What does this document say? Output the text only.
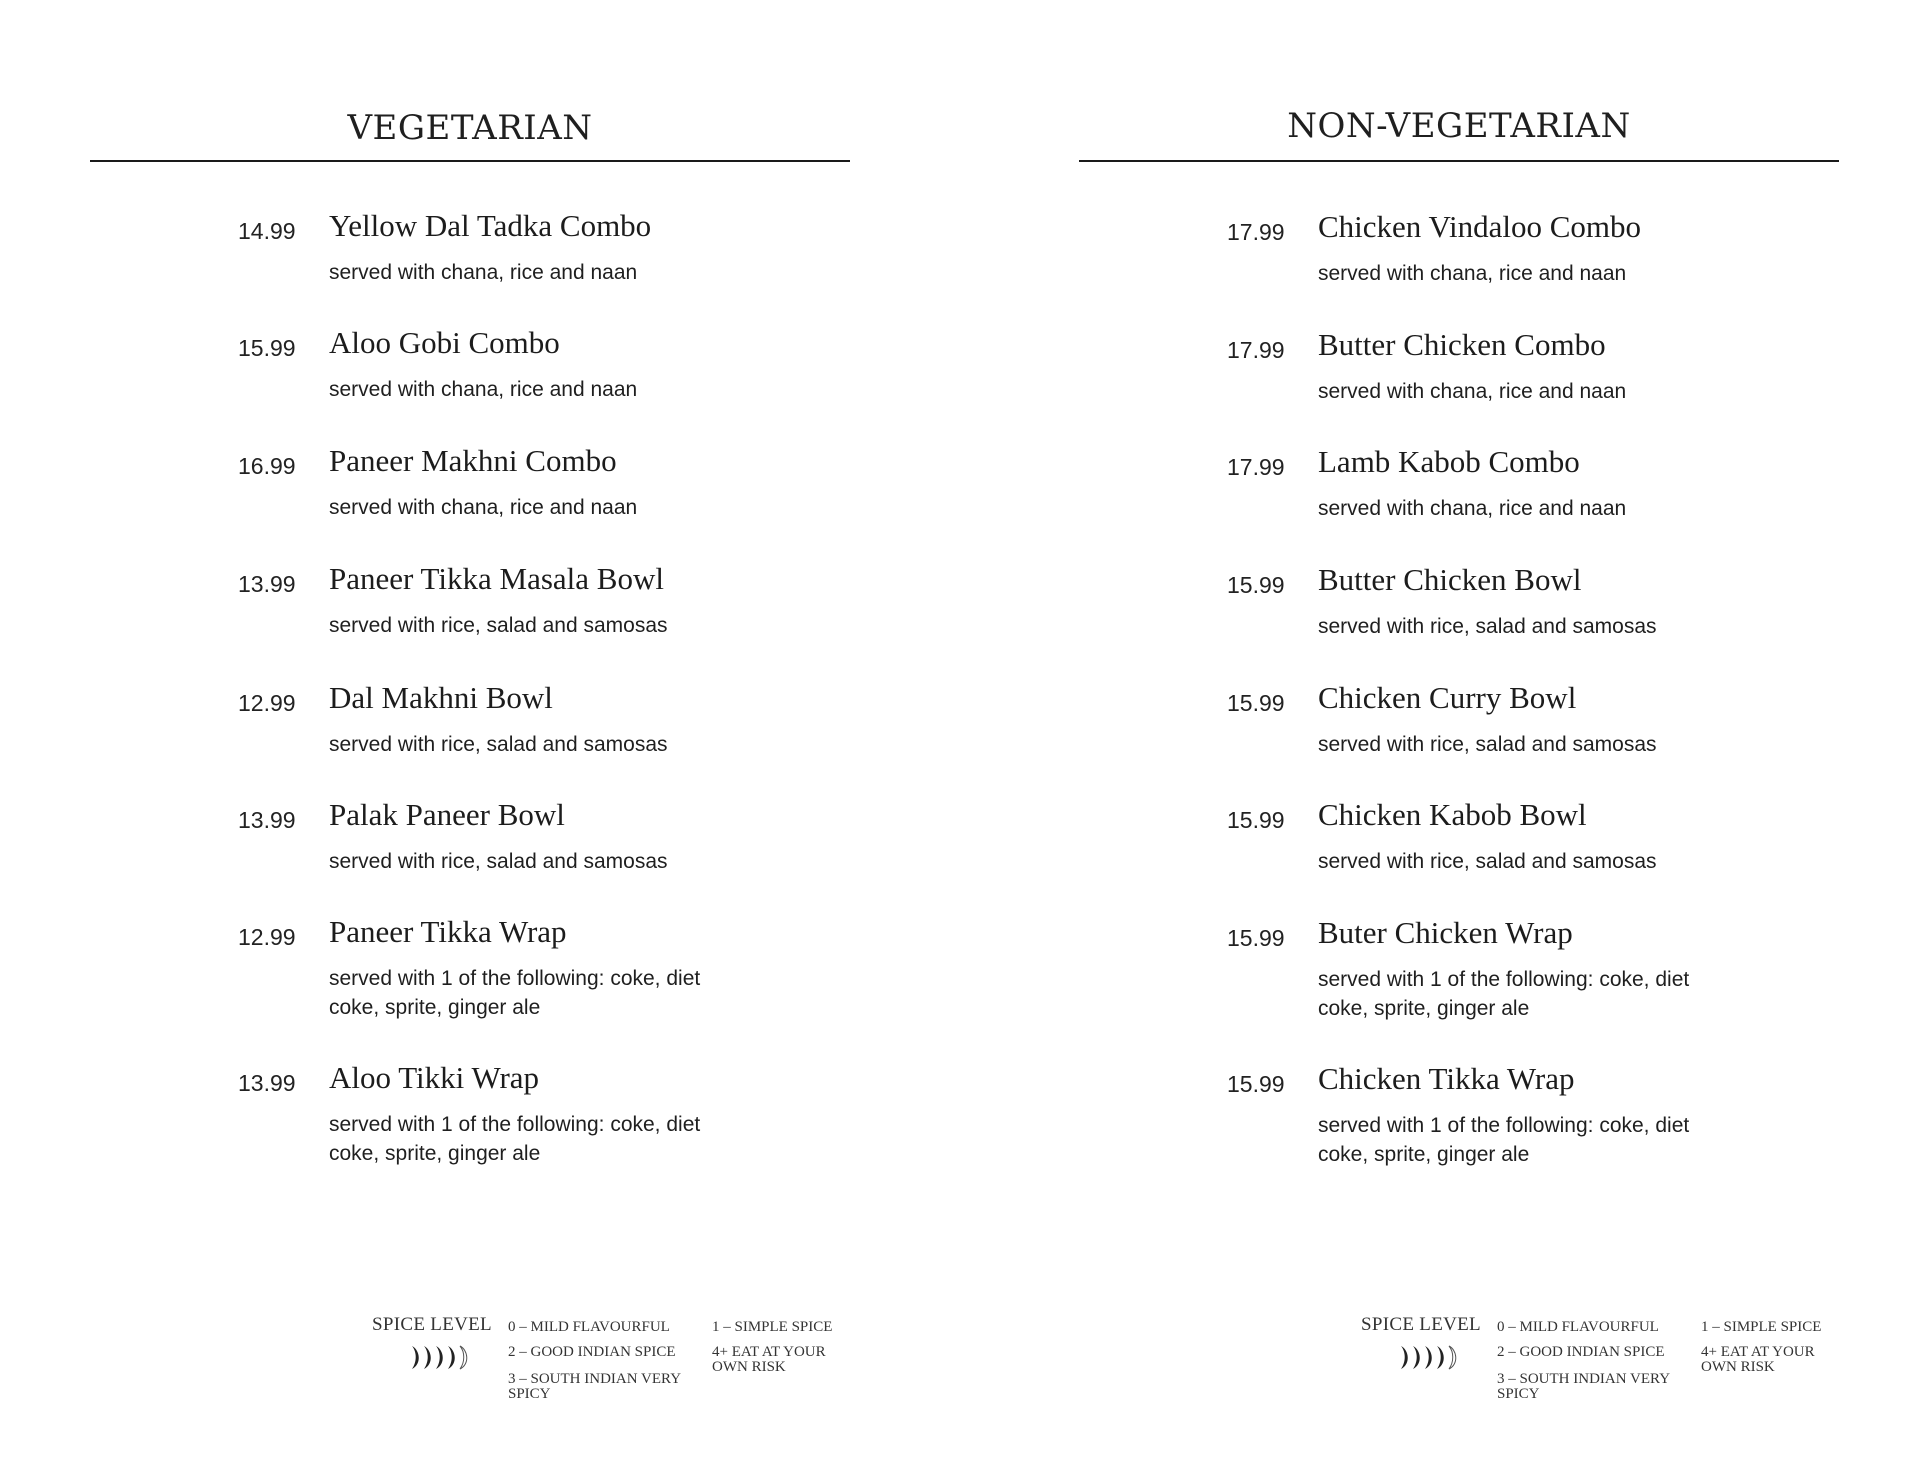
VEGETARIAN
14.99 Yellow Dal Tadka Combo
served with chana, rice and naan
15.99 Aloo Gobi Combo
served with chana, rice and naan
16.99 Paneer Makhni Combo
served with chana, rice and naan
13.99 Paneer Tikka Masala Bowl
served with rice, salad and samosas
12.99 Dal Makhni Bowl
served with rice, salad and samosas
13.99 Palak Paneer Bowl
served with rice, salad and samosas
12.99 Paneer Tikka Wrap
served with 1 of the following: coke, diet coke, sprite, ginger ale
13.99 Aloo Tikki Wrap
served with 1 of the following: coke, diet coke, sprite, ginger ale
SPICE LEVEL 0 – MILD FLAVOURFUL	1 – SIMPLE SPICE
2 – GOOD INDIAN SPICE 4+ EAT AT YOUR OWN RISK
3 – SOUTH INDIAN VERY SPICY
NON-VEGETARIAN
17.99 Chicken Vindaloo Combo
served with chana, rice and naan
17.99 Butter Chicken Combo
served with chana, rice and naan
17.99 Lamb Kabob Combo
served with chana, rice and naan
15.99 Butter Chicken Bowl
served with rice, salad and samosas
15.99 Chicken Curry Bowl
served with rice, salad and samosas
15.99 Chicken Kabob Bowl
served with rice, salad and samosas
15.99 Buter Chicken Wrap
served with 1 of the following: coke, diet coke, sprite, ginger ale
15.99 Chicken Tikka Wrap
served with 1 of the following: coke, diet coke, sprite, ginger ale
SPICE LEVEL 0 – MILD FLAVOURFUL	1 – SIMPLE SPICE
2 – GOOD INDIAN SPICE 4+ EAT AT YOUR OWN RISK
3 – SOUTH INDIAN VERY SPICY
